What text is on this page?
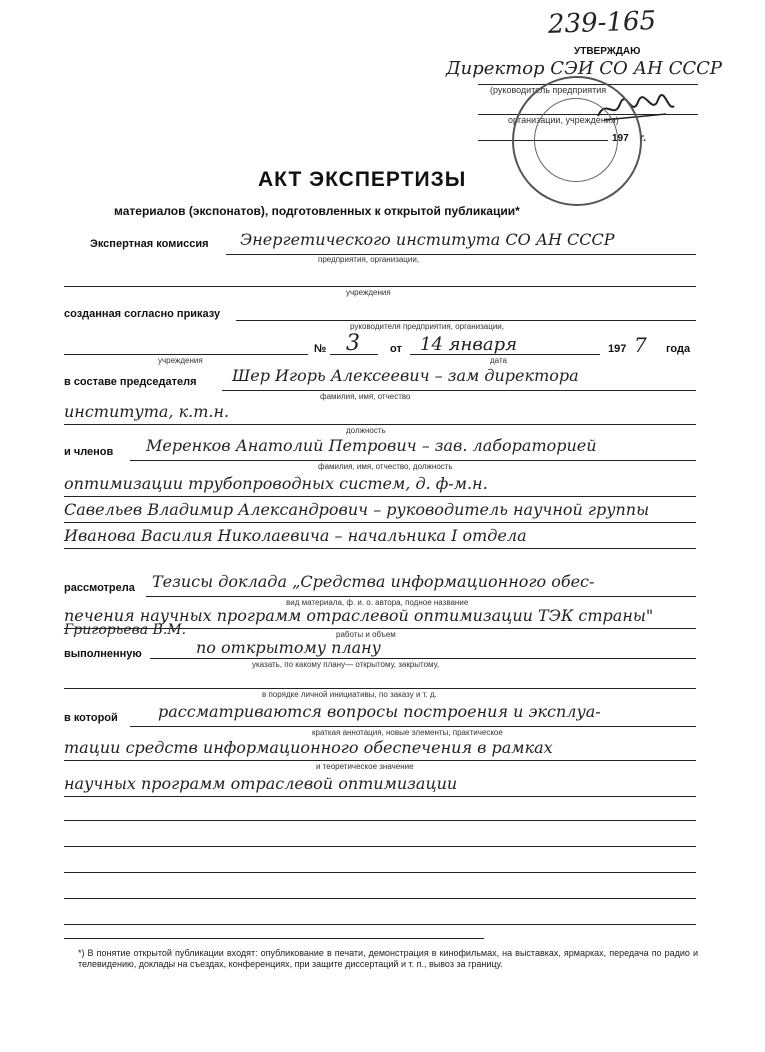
239-165
УТВЕРЖДАЮ
Директор СЭИ СО АН СССР
(руководитель предприятия
организации, учреждения)
197 г.
АКТ ЭКСПЕРТИЗЫ
материалов (экспонатов), подготовленных к открытой публикации*
Экспертная комиссия Энергетического института СО АН СССР
предприятия, организации,
учреждения
созданная согласно приказу
руководителя предприятия, организации,
№ 3	от 14 января
дата
197 7 года
учреждения
в составе председателя Шер Игорь Алексеевич – зам директора
фамилия, имя, отчество
института, к.т.н.
должность
и членов Меренков Анатолий Петрович – зав. лабораторией
фамилия, имя, отчество, должность
оптимизации трубопроводных систем, д. ф-м.н.
Савельев Владимир Александрович – руководитель научной группы
Иванова Василия Николаевича – начальника I отдела
рассмотрела Тезисы доклада „Средства информационного обес-
вид материала, ф. и. о. автора, подное название
печения научных программ отраслевой оптимизации ТЭК страны"
Григорьева В.М.	работы и объем
выполненную	по открытому плану
указать, по какому плану— открытому, закрытому,
в порядке личной инициативы, по заказу и т. д.
в которой	рассматриваются вопросы построения и эксплуа-
краткая аннотация, новые элементы, практическое
тации средств информационного обеспечения в рамках
и теоретическое значение
научных программ отраслевой оптимизации
*) В понятие открытой публикации входят: опубликование в печати, демонстрация в кинофильмах, на выставках, ярмарках, передача по радио и телевидению, доклады на съездах, конференциях, при защите диссертаций и т. п., вывоз за границу.
